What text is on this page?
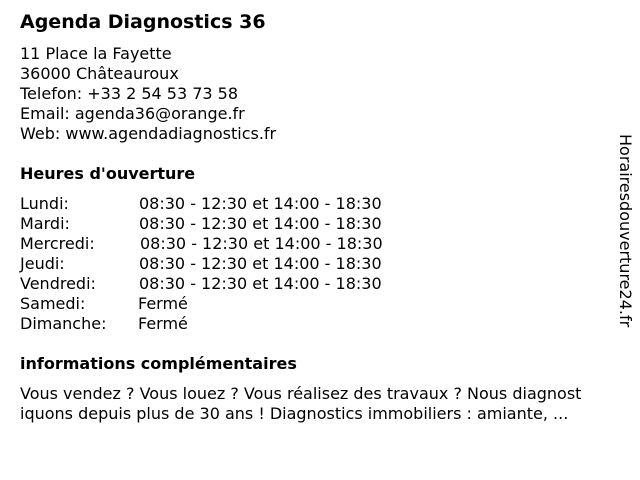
Agenda Diagnostics 36
11 Place la Fayette
36000 Châteauroux
Telefon: +33 2 54 53 73 58
Email: agenda36@orange.fr
Web: www.agendadiagnostics.fr
Heures d'ouverture
Lundi:	08:30 - 12:30 et 14:00 - 18:30
Mardi:	08:30 - 12:30 et 14:00 - 18:30
Mercredi:	08:30 - 12:30 et 14:00 - 18:30
Jeudi:	08:30 - 12:30 et 14:00 - 18:30
Vendredi:	08:30 - 12:30 et 14:00 - 18:30
Samedi:	Fermé
Dimanche: Fermé
informations complémentaires
Vous vendez ? Vous louez ? Vous réalisez des travaux ? Nous diagnost
iquons depuis plus de 30 ans ! Diagnostics immobiliers : amiante, ...
Horairesdouverture24.fr
